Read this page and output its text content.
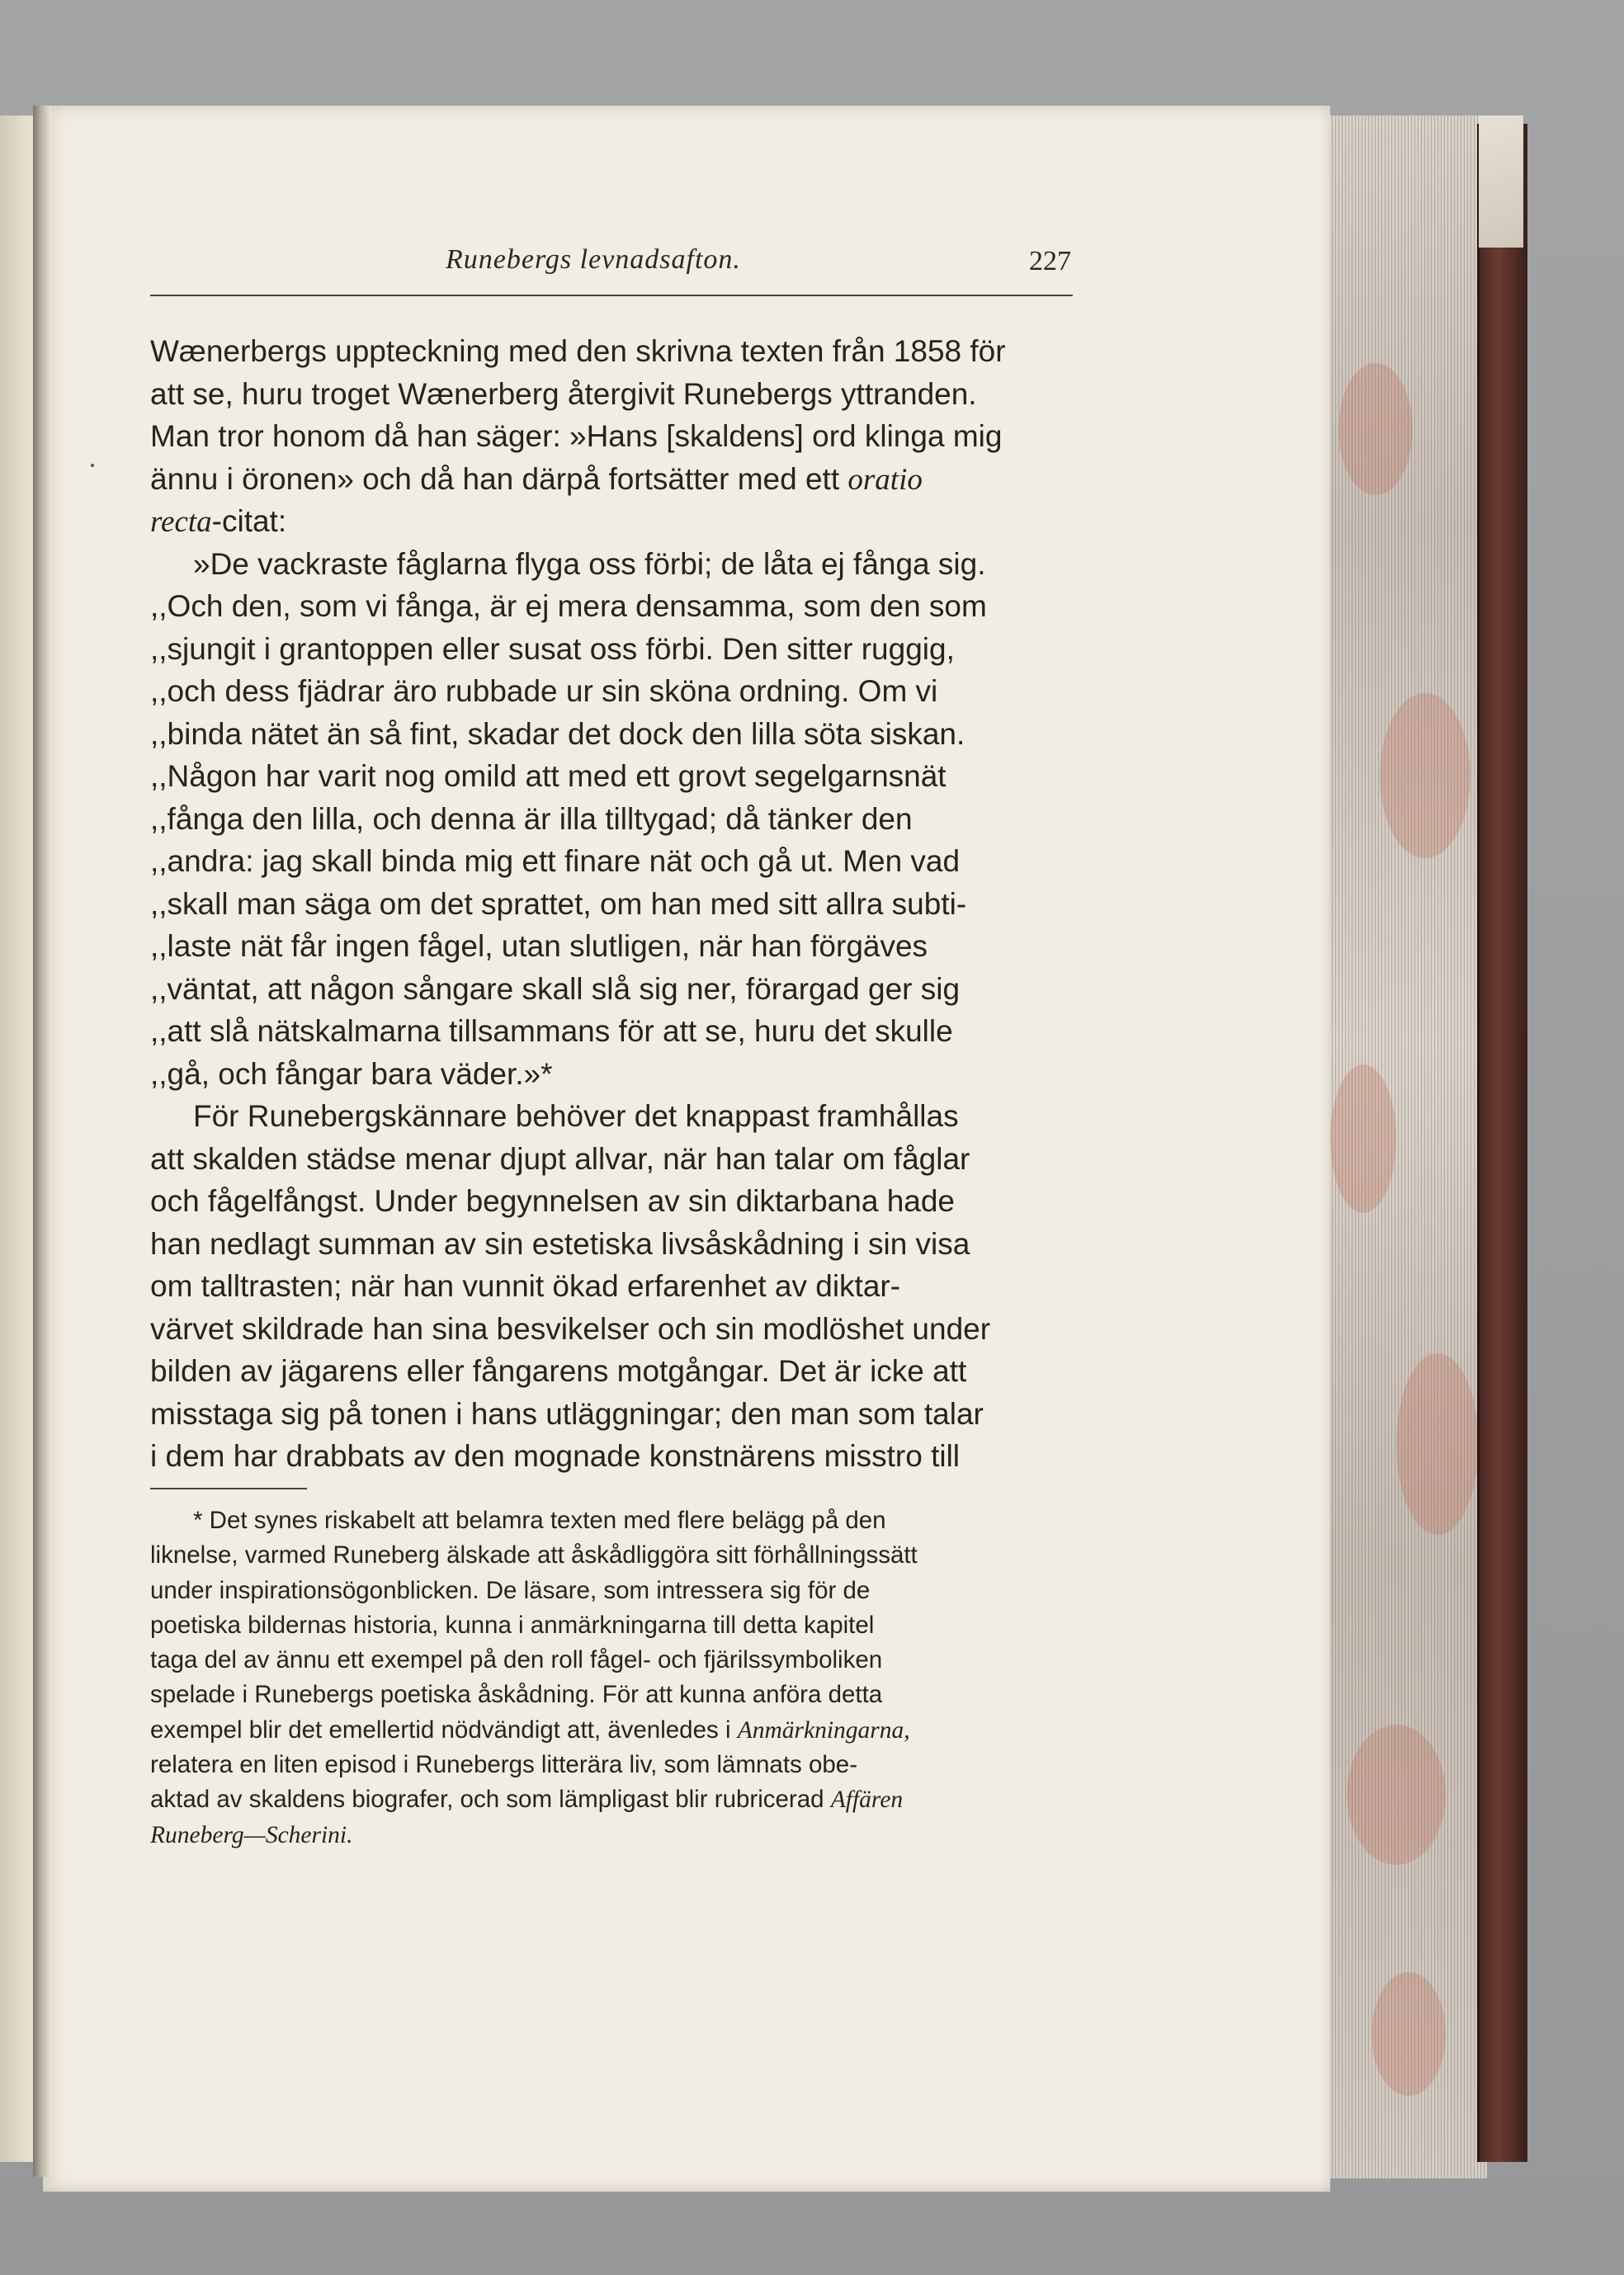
Runebergs levnadsafton.	227
Wænerbergs uppteckning med den skrivna texten från 1858 för
att se, huru troget Wænerberg återgivit Runebergs yttranden.
Man tror honom då han säger: »Hans [skaldens] ord klinga mig
ännu i öronen» och då han därpå fortsätter med ett oratio
recta-citat:
»De vackraste fåglarna flyga oss förbi; de låta ej fånga sig.
,,Och den, som vi fånga, är ej mera densamma, som den som
,,sjungit i grantoppen eller susat oss förbi. Den sitter ruggig,
,,och dess fjädrar äro rubbade ur sin sköna ordning. Om vi
,,binda nätet än så fint, skadar det dock den lilla söta siskan.
,,Någon har varit nog omild att med ett grovt segelgarnsnät
,,fånga den lilla, och denna är illa tilltygad; då tänker den
,,andra: jag skall binda mig ett finare nät och gå ut. Men vad
,,skall man säga om det sprattet, om han med sitt allra subti-
,,laste nät får ingen fågel, utan slutligen, när han förgäves
,,väntat, att någon sångare skall slå sig ner, förargad ger sig
,,att slå nätskalmarna tillsammans för att se, huru det skulle
,,gå, och fångar bara väder.»*
För Runebergskännare behöver det knappast framhållas
att skalden städse menar djupt allvar, när han talar om fåglar
och fågelfångst. Under begynnelsen av sin diktarbana hade
han nedlagt summan av sin estetiska livsåskådning i sin visa
om talltrasten; när han vunnit ökad erfarenhet av diktar-
värvet skildrade han sina besvikelser och sin modlöshet under
bilden av jägarens eller fångarens motgångar. Det är icke att
misstaga sig på tonen i hans utläggningar; den man som talar
i dem har drabbats av den mognade konstnärens misstro till
* Det synes riskabelt att belamra texten med flere belägg på den
liknelse, varmed Runeberg älskade att åskådliggöra sitt förhållningssätt
under inspirationsögonblicken. De läsare, som intressera sig för de
poetiska bildernas historia, kunna i anmärkningarna till detta kapitel
taga del av ännu ett exempel på den roll fågel- och fjärilssymboliken
spelade i Runebergs poetiska åskådning. För att kunna anföra detta
exempel blir det emellertid nödvändigt att, ävenledes i Anmärkningarna,
relatera en liten episod i Runebergs litterära liv, som lämnats obe-
aktad av skaldens biografer, och som lämpligast blir rubricerad Affären
Runeberg—Scherini.
